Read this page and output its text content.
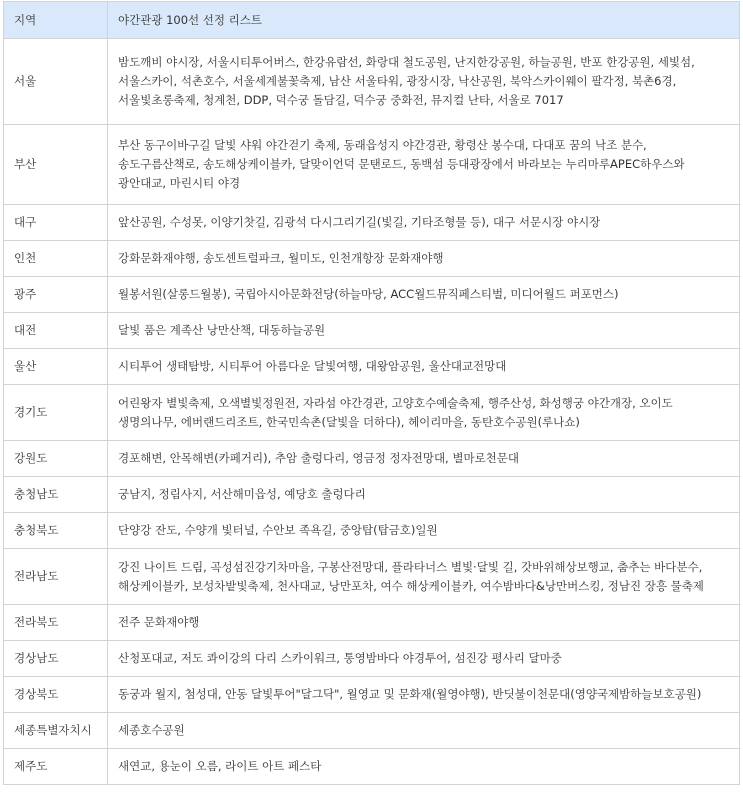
지역	야간관광 100선 선정 리스트
서울	밤도깨비 야시장, 서울시티투어버스, 한강유람선, 화랑대 철도공원, 난지한강공원, 하늘공원, 반포 한강공원, 세빛섬, 서울스카이, 석촌호수, 서울세계불꽃축제, 남산 서울타워, 광장시장, 낙산공원, 북악스카이웨이 팔각정, 북촌6경, 서울빛초롱축제, 청계천, DDP, 덕수궁 돌담길, 덕수궁 중화전, 뮤지컬 난타, 서울로 7017
부산	부산 동구이바구길 달빛 샤워 야간걷기 축제, 동래읍성지 야간경관, 황령산 봉수대, 다대포 꿈의 낙조 분수, 송도구름산책로, 송도해상케이블카, 달맞이언덕 문탠로드, 동백섬 등대광장에서 바라보는 누리마루APEC하우스와 광안대교, 마린시티 야경
대구	앞산공원, 수성못, 이양기찻길, 김광석 다시그리기길(빛길, 기타조형물 등), 대구 서문시장 야시장
인천	강화문화재야행, 송도센트럴파크, 월미도, 인천개항장 문화재야행
광주	월봉서원(살롱드월봉), 국립아시아문화전당(하늘마당, ACC월드뮤직페스티벌, 미디어월드 퍼포먼스)
대전	달빛 품은 계족산 낭만산책, 대동하늘공원
울산	시티투어 생태탐방, 시티투어 아름다운 달빛여행, 대왕암공원, 울산대교전망대
경기도	어린왕자 별빛축제, 오색별빛정원전, 자라섬 야간경관, 고양호수예술축제, 행주산성, 화성행궁 야간개장, 오이도 생명의나무, 에버랜드리조트, 한국민속촌(달빛을 더하다), 헤이리마을, 동탄호수공원(루나쇼)
강원도	경포해변, 안목해변(카페거리), 추암 출렁다리, 영금정 정자전망대, 별마로천문대
충청남도	궁남지, 정림사지, 서산해미읍성, 예당호 출렁다리
충청북도	단양강 잔도, 수양개 빛터널, 수안보 족욕길, 중앙탑(탑금호)일원
전라남도	강진 나이트 드림, 곡성섬진강기차마을, 구봉산전망대, 플라타너스 별빛·달빛 길, 갓바위해상보행교, 춤추는 바다분수, 해상케이블카, 보성차밭빛축제, 천사대교, 낭만포차, 여수 해상케이블카, 여수밤바다&낭만버스킹, 정남진 장흥 물축제
전라북도	전주 문화재야행
경상남도	산청포대교, 저도 콰이강의 다리 스카이워크, 통영밤바다 야경투어, 섬진강 평사리 달마중
경상북도	동궁과 월지, 첨성대, 안동 달빛투어"달그닥", 월영교 및 문화재(월영야행), 반딧불이천문대(영양국제밤하늘보호공원)
세종특별자치시	세종호수공원
제주도	새연교, 용눈이 오름, 라이트 아트 페스타
